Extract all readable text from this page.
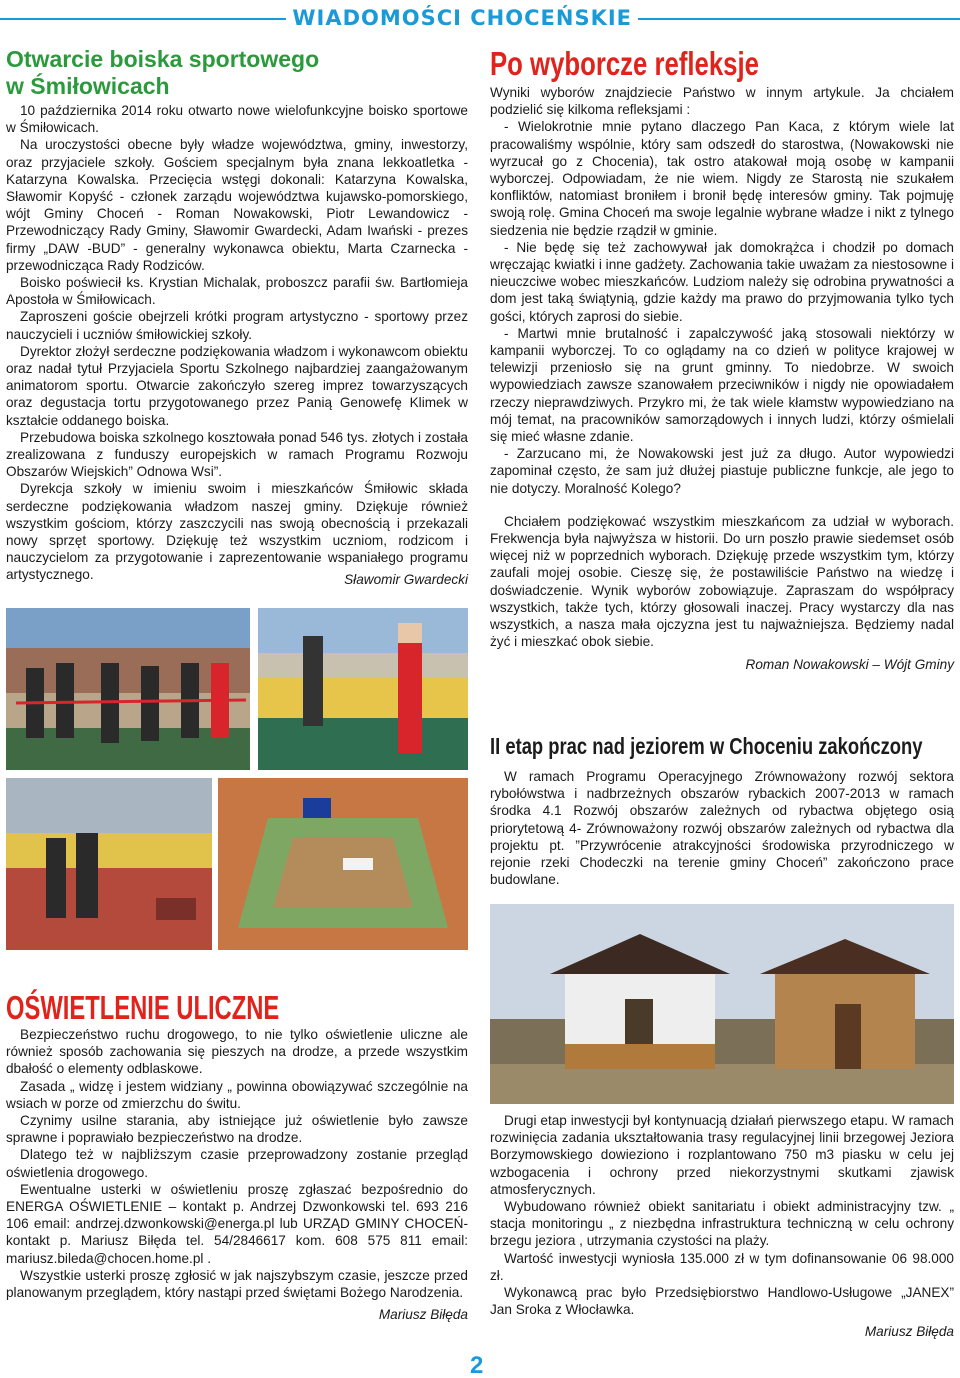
WIADOMOŚCI CHOCEŃSKIE
Otwarcie boiska sportowego
w Śmiłowicach
10 października 2014 roku otwarto nowe wielofunkcyjne boisko sportowe w Śmiłowicach.
Na uroczystości obecne były władze województwa, gminy, inwestorzy, oraz przyjaciele szkoły. Gościem specjalnym była znana lekkoatletka - Katarzyna Kowalska. Przecięcia wstęgi dokonali: Katarzyna Kowalska, Sławomir Kopyść - członek zarządu województwa kujawsko-pomorskiego, wójt Gminy Choceń - Roman Nowakowski, Piotr Lewandowicz - Przewodniczący Rady Gminy, Sławomir Gwardecki, Adam Iwański - prezes firmy „DAW -BUD” - generalny wykonawca obiektu, Marta Czarnecka - przewodnicząca Rady Rodziców.
Boisko poświecił ks. Krystian Michalak, proboszcz parafii św. Bartłomieja Apostoła w Śmiłowicach.
Zaproszeni goście obejrzeli krótki program artystyczno - sportowy przez nauczycieli i uczniów śmiłowickiej szkoły.
Dyrektor złożył serdeczne podziękowania władzom i wykonawcom obiektu oraz nadał tytuł Przyjaciela Sportu Szkolnego najbardziej zaangażowanym animatorom sportu. Otwarcie zakończyło szereg imprez towarzyszących oraz degustacja tortu przygotowanego przez Panią Genowefę Klimek w kształcie oddanego boiska.
Przebudowa boiska szkolnego kosztowała ponad 546 tys. złotych i została zrealizowana z funduszy europejskich w ramach Programu Rozwoju Obszarów Wiejskich” Odnowa Wsi”.
Dyrekcja szkoły w imieniu swoim i mieszkańców Śmiłowic składa serdeczne podziękowania władzom naszej gminy. Dziękuje również wszystkim gościom, którzy zaszczycili nas swoją obecnością i przekazali nowy sprzęt sportowy. Dziękuję też wszystkim uczniom, rodzicom i nauczycielom za przygotowanie i zaprezentowanie wspaniałego programu artystycznego.	Sławomir Gwardecki
OŚWIETLENIE ULICZNE
Bezpieczeństwo ruchu drogowego, to nie tylko oświetlenie uliczne ale również sposób zachowania się pieszych na drodze, a przede wszystkim dbałość o elementy odblaskowe.
Zasada „ widzę i jestem widziany „ powinna obowiązywać szczególnie na wsiach w porze od zmierzchu do świtu.
Czynimy usilne starania, aby istniejące już oświetlenie było zawsze sprawne i poprawiało bezpieczeństwo na drodze.
Dlatego też w najbliższym czasie przeprowadzony zostanie przegląd oświetlenia drogowego.
Ewentualne usterki w oświetleniu proszę zgłaszać bezpośrednio do ENERGA OŚWIETLENIE – kontakt p. Andrzej Dzwonkowski tel. 693 216 106 email: andrzej.dzwonkowski@energa.pl lub URZĄD GMINY CHOCEŃ- kontakt p. Mariusz Biłęda tel. 54/2846617 kom. 608 575 811 email: mariusz.bileda@chocen.home.pl .
Wszystkie usterki proszę zgłosić w jak najszybszym czasie, jeszcze przed planowanym przeglądem, który nastąpi przed świętami Bożego Narodzenia.
Mariusz Biłęda
Po wyborcze refleksje
Wyniki wyborów znajdziecie Państwo w innym artykule. Ja chciałem podzielić się kilkoma refleksjami :
- Wielokrotnie mnie pytano dlaczego Pan Kaca, z którym wiele lat pracowaliśmy wspólnie, który sam odszedł do starostwa, (Nowakowski nie wyrzucał go z Chocenia), tak ostro atakował moją osobę w kampanii wyborczej. Odpowiadam, że nie wiem. Nigdy ze Starostą nie szukałem konfliktów, natomiast broniłem i bronił będę interesów gminy. Tak pojmuję swoją rolę. Gmina Choceń ma swoje legalnie wybrane władze i nikt z tylnego siedzenia nie będzie rządził w gminie.
- Nie będę się też zachowywał jak domokrążca i chodził po domach wręczając kwiatki i inne gadżety. Zachowania takie uważam za niestosowne i nieuczciwe wobec mieszkańców. Ludziom należy się odrobina prywatności a dom jest taką świątynią, gdzie każdy ma prawo do przyjmowania tylko tych gości, których zaprosi do siebie.
- Martwi mnie brutalność i zapalczywość jaką stosowali niektórzy w kampanii wyborczej. To co oglądamy na co dzień w polityce krajowej w telewizji przeniosło się na grunt gminny. To niedobrze. W swoich wypowiedziach zawsze szanowałem przeciwników i nigdy nie opowiadałem rzeczy nieprawdziwych. Przykro mi, że tak wiele kłamstw wypowiedziano na mój temat, na pracowników samorządowych i innych ludzi, którzy ośmielali się mieć własne zdanie.
- Zarzucano mi, że Nowakowski jest już za długo. Autor wypowiedzi zapominał często, że sam już dłużej piastuje publiczne funkcje, ale jego to nie dotyczy. Moralność Kolego?
Chciałem podziękować wszystkim mieszkańcom za udział w wyborach. Frekwencja była najwyższa w historii. Do urn poszło prawie siedemset osób więcej niż w poprzednich wyborach. Dziękuję przede wszystkim tym, którzy zaufali mojej osobie. Cieszę się, że postawiliście Państwo na wiedzę i doświadczenie. Wynik wyborów zobowiązuje. Zapraszam do współpracy wszystkich, także tych, którzy głosowali inaczej. Pracy wystarczy dla nas wszystkich, a nasza mała ojczyzna jest tu najważniejsza. Będziemy nadal żyć i mieszkać obok siebie.
Roman Nowakowski – Wójt Gminy
II etap prac nad jeziorem w Choceniu zakończony
W ramach Programu Operacyjnego Zrównoważony rozwój sektora rybołówstwa i nadbrzeżnych obszarów rybackich 2007-2013 w ramach środka 4.1 Rozwój obszarów zależnych od rybactwa objętego osią priorytetową 4- Zrównoważony rozwój obszarów zależnych od rybactwa dla projektu pt. ”Przywrócenie atrakcyjności środowiska przyrodniczego w rejonie rzeki Chodeczki na terenie gminy Choceń” zakończono prace budowlane.
Drugi etap inwestycji był kontynuacją działań pierwszego etapu. W ramach rozwinięcia zadania ukształtowania trasy regulacyjnej linii brzegowej Jeziora Borzymowskiego dowieziono i rozplantowano 750 m3 piasku w celu jej wzbogacenia i ochrony przed niekorzystnymi skutkami zjawisk atmosferycznych.
Wybudowano również obiekt sanitariatu i obiekt administracyjny tzw. „ stacja monitoringu „ z niezbędna infrastruktura techniczną w celu ochrony brzegu jeziora , utrzymania czystości na plaży.
Wartość inwestycji wyniosła 135.000 zł w tym dofinansowanie 06 98.000 zł.
Wykonawcą prac było Przedsiębiorstwo Handlowo-Usługowe „JANEX” Jan Sroka z Włocławka.
Mariusz Biłęda
2
